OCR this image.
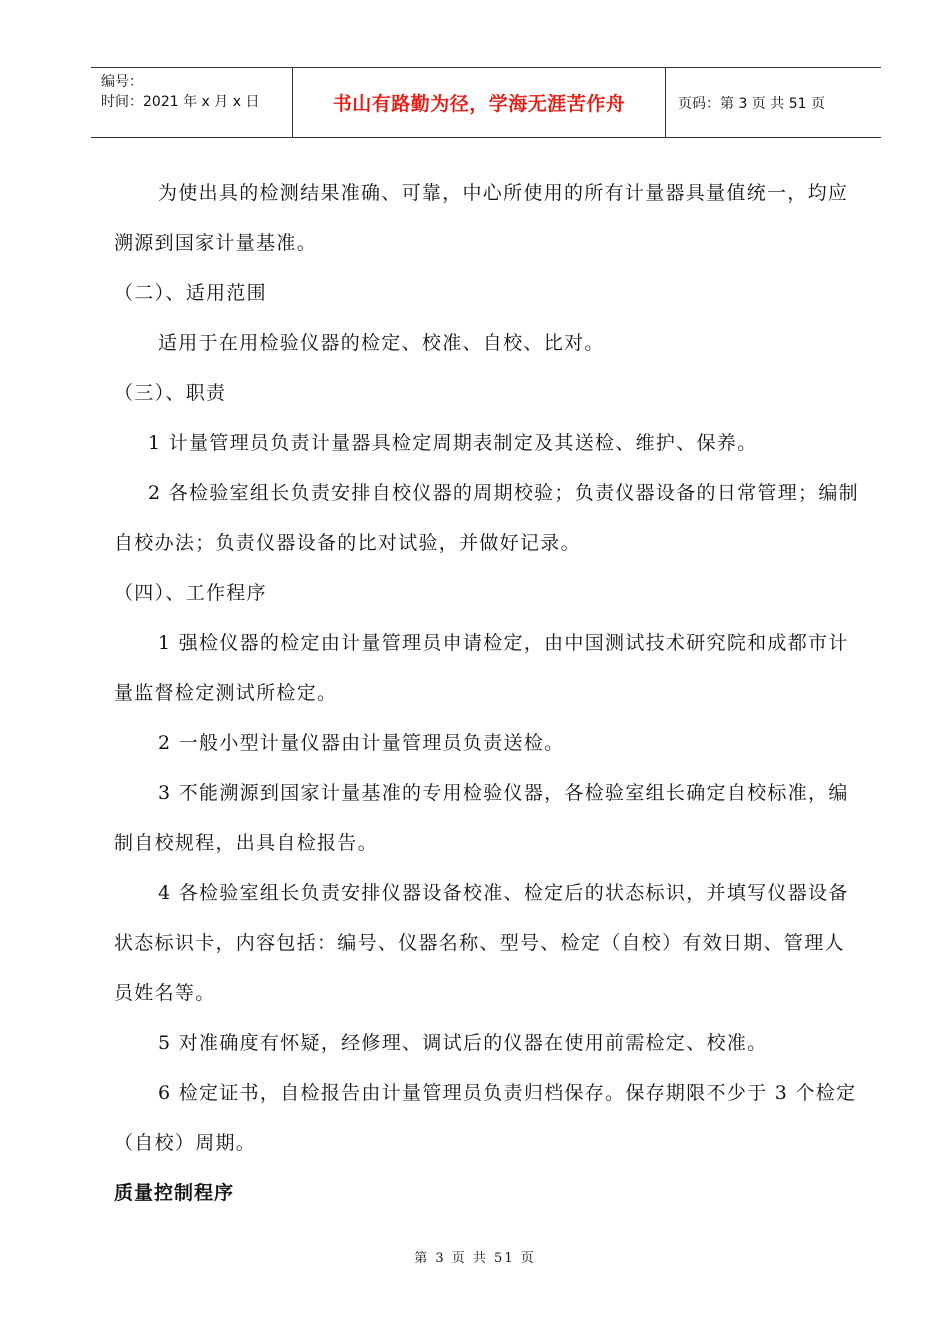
编号：
时间：2021 年 x 月 x 日	书山有路勤为径，学海无涯苦作舟	页码：第 3 页 共 51 页

为使出具的检测结果准确、可靠，中心所使用的所有计量器具量值统一，均应溯源到国家计量基准。

（二）、适用范围

适用于在用检验仪器的检定、校准、自校、比对。

（三）、职责

1 计量管理员负责计量器具检定周期表制定及其送检、维护、保养。

2 各检验室组长负责安排自校仪器的周期校验；负责仪器设备的日常管理；编制自校办法；负责仪器设备的比对试验，并做好记录。

（四）、工作程序

1 强检仪器的检定由计量管理员申请检定，由中国测试技术研究院和成都市计量监督检定测试所检定。

2 一般小型计量仪器由计量管理员负责送检。

3 不能溯源到国家计量基准的专用检验仪器，各检验室组长确定自校标准，编制自校规程，出具自检报告。

4 各检验室组长负责安排仪器设备校准、检定后的状态标识，并填写仪器设备状态标识卡，内容包括：编号、仪器名称、型号、检定（自校）有效日期、管理人员姓名等。

5 对准确度有怀疑，经修理、调试后的仪器在使用前需检定、校准。

6 检定证书，自检报告由计量管理员负责归档保存。保存期限不少于 3 个检定（自校）周期。

质量控制程序

第 3 页 共 51 页
